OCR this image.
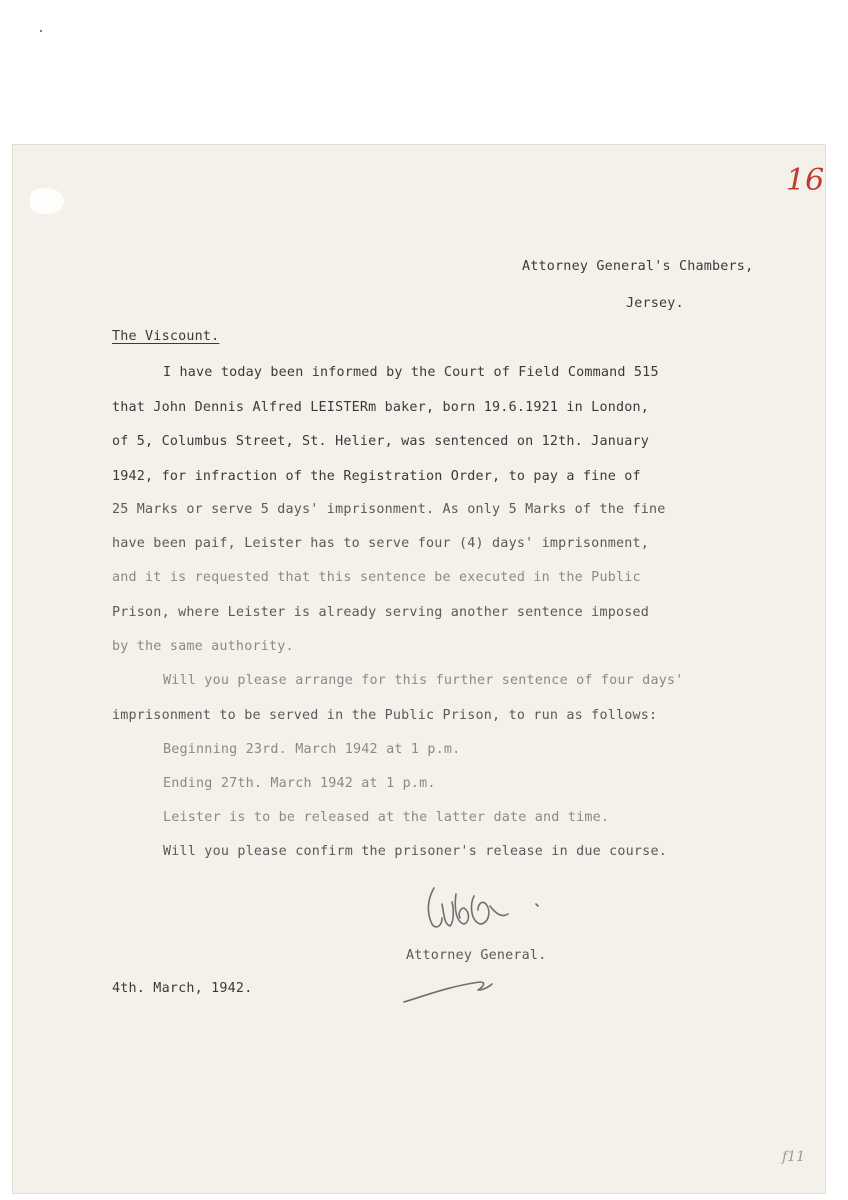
16
Attorney General's Chambers,
Jersey.
The Viscount.
I have today been informed by the Court of Field Command 515
that John Dennis Alfred LEISTERm baker, born 19.6.1921 in London,
of 5, Columbus Street, St. Helier, was sentenced on 12th. January
1942, for infraction of the Registration Order, to pay a fine of
25 Marks or serve 5 days' imprisonment. As only 5 Marks of the fine
have been paif, Leister has to serve four (4) days' imprisonment,
and it is requested that this sentence be executed in the Public
Prison, where Leister is already serving another sentence imposed
by the same authority.
Will you please arrange for this further sentence of four days'
imprisonment to be served in the Public Prison, to run as follows:
Beginning 23rd. March 1942 at 1 p.m.
Ending 27th. March 1942 at 1 p.m.
Leister is to be released at the latter date and time.
Will you please confirm the prisoner's release in due course.
Attorney General.
4th. March, 1942.
f11
